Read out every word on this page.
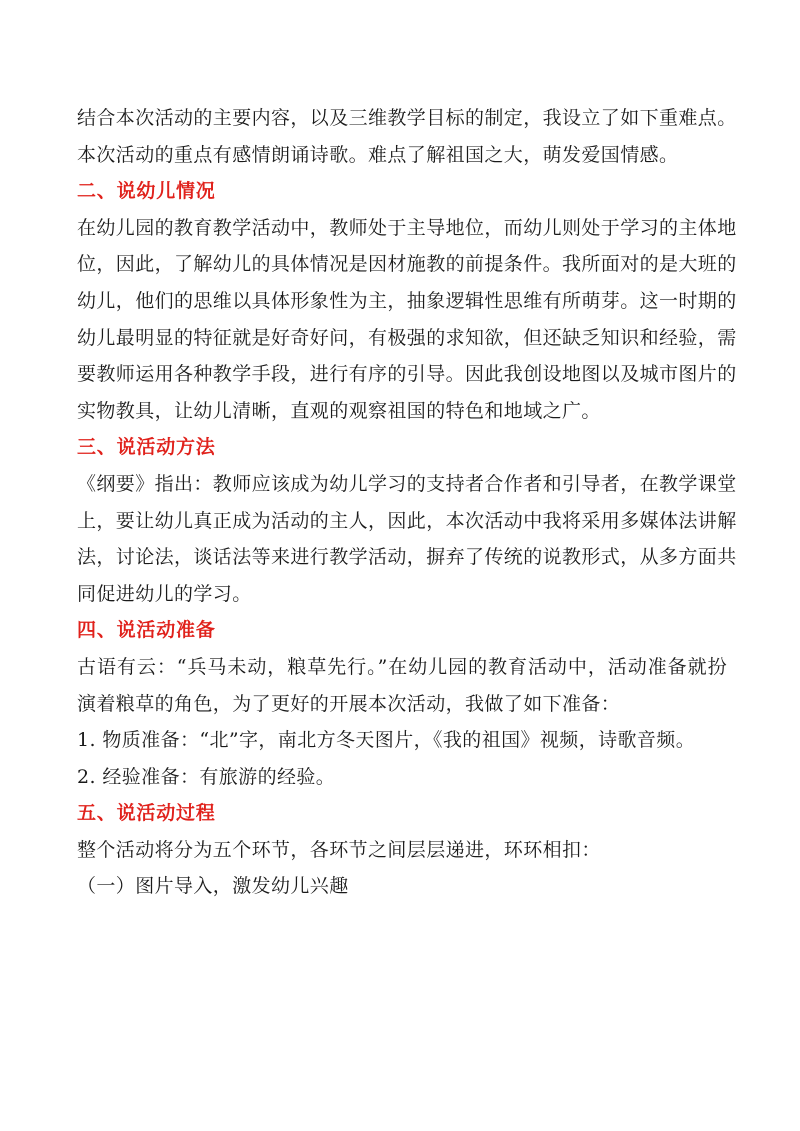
结合本次活动的主要内容，以及三维教学目标的制定，我设立了如下重难点。
本次活动的重点有感情朗诵诗歌。难点了解祖国之大，萌发爱国情感。
二、说幼儿情况
在幼儿园的教育教学活动中，教师处于主导地位，而幼儿则处于学习的主体地
位，因此，了解幼儿的具体情况是因材施教的前提条件。我所面对的是大班的
幼儿，他们的思维以具体形象性为主，抽象逻辑性思维有所萌芽。这一时期的
幼儿最明显的特征就是好奇好问，有极强的求知欲，但还缺乏知识和经验，需
要教师运用各种教学手段，进行有序的引导。因此我创设地图以及城市图片的
实物教具，让幼儿清晰，直观的观察祖国的特色和地域之广。
三、说活动方法
《纲要》指出：教师应该成为幼儿学习的支持者合作者和引导者，在教学课堂
上，要让幼儿真正成为活动的主人，因此，本次活动中我将采用多媒体法讲解
法，讨论法，谈话法等来进行教学活动，摒弃了传统的说教形式，从多方面共
同促进幼儿的学习。
四、说活动准备
古语有云：“兵马未动，粮草先行。”在幼儿园的教育活动中，活动准备就扮
演着粮草的角色，为了更好的开展本次活动，我做了如下准备：
1. 物质准备：“北”字，南北方冬天图片，《我的祖国》视频，诗歌音频。
2. 经验准备：有旅游的经验。
五、说活动过程
整个活动将分为五个环节，各环节之间层层递进，环环相扣：
（一）图片导入，激发幼儿兴趣
